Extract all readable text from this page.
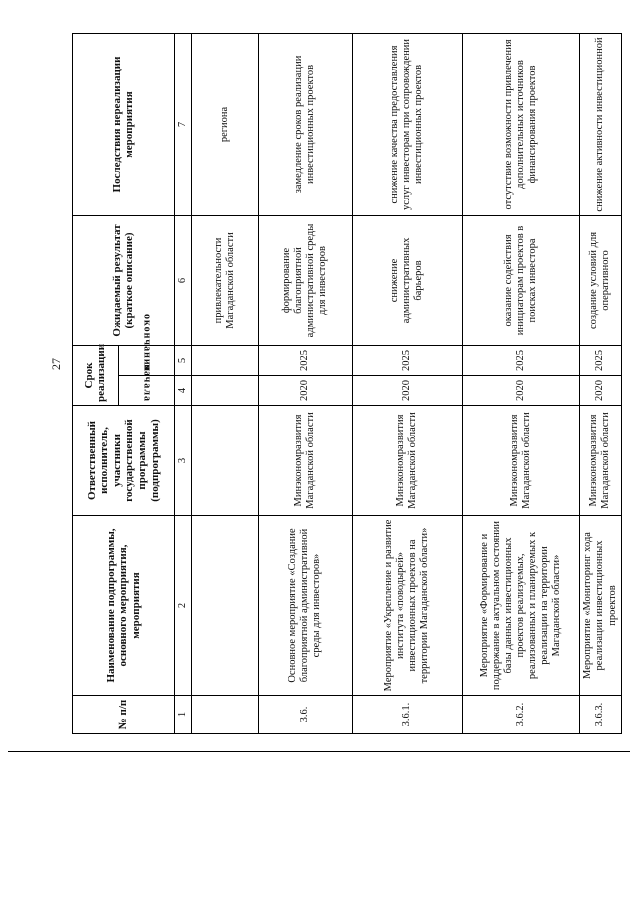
27
№ п/п	Наименование подпрограммы, основного мероприятия, мероприятия	Ответственный исполнитель, участники государственной программы (подпрограммы)	Срок реализации		Ожидаемый результат (краткое описание)	Последствия нереализации мероприятия
			начала	окончания		
1	2	3	4	5	6	7
					привлекательности Магаданской области	региона
3.6.	Основное мероприятие «Создание благоприятной административной среды для инвесторов»	Минэкономразвития Магаданской области	2020	2025	формирование благоприятной административной среды для инвесторов	замедление сроков реализации инвестиционных проектов
3.6.1.	Мероприятие «Укрепление и развитие института «поводырей» инвестиционных проектов на территории Магаданской области»	Минэкономразвития Магаданской области	2020	2025	снижение административных барьеров	снижение качества предоставления услуг инвесторам при сопровождении инвестиционных проектов
3.6.2.	Мероприятие «Формирование и поддержание в актуальном состоянии базы данных инвестиционных проектов реализуемых, реализованных и планируемых к реализации на территории Магаданской области»	Минэкономразвития Магаданской области	2020	2025	оказание содействия инициаторам проектов в поисках инвестора	отсутствие возможности привлечения дополнительных источников финансирования проектов
3.6.3.	Мероприятие «Мониторинг хода реализации инвестиционных проектов	Минэкономразвития Магаданской области	2020	2025	создание условий для оперативного	снижение активности инвестиционной
